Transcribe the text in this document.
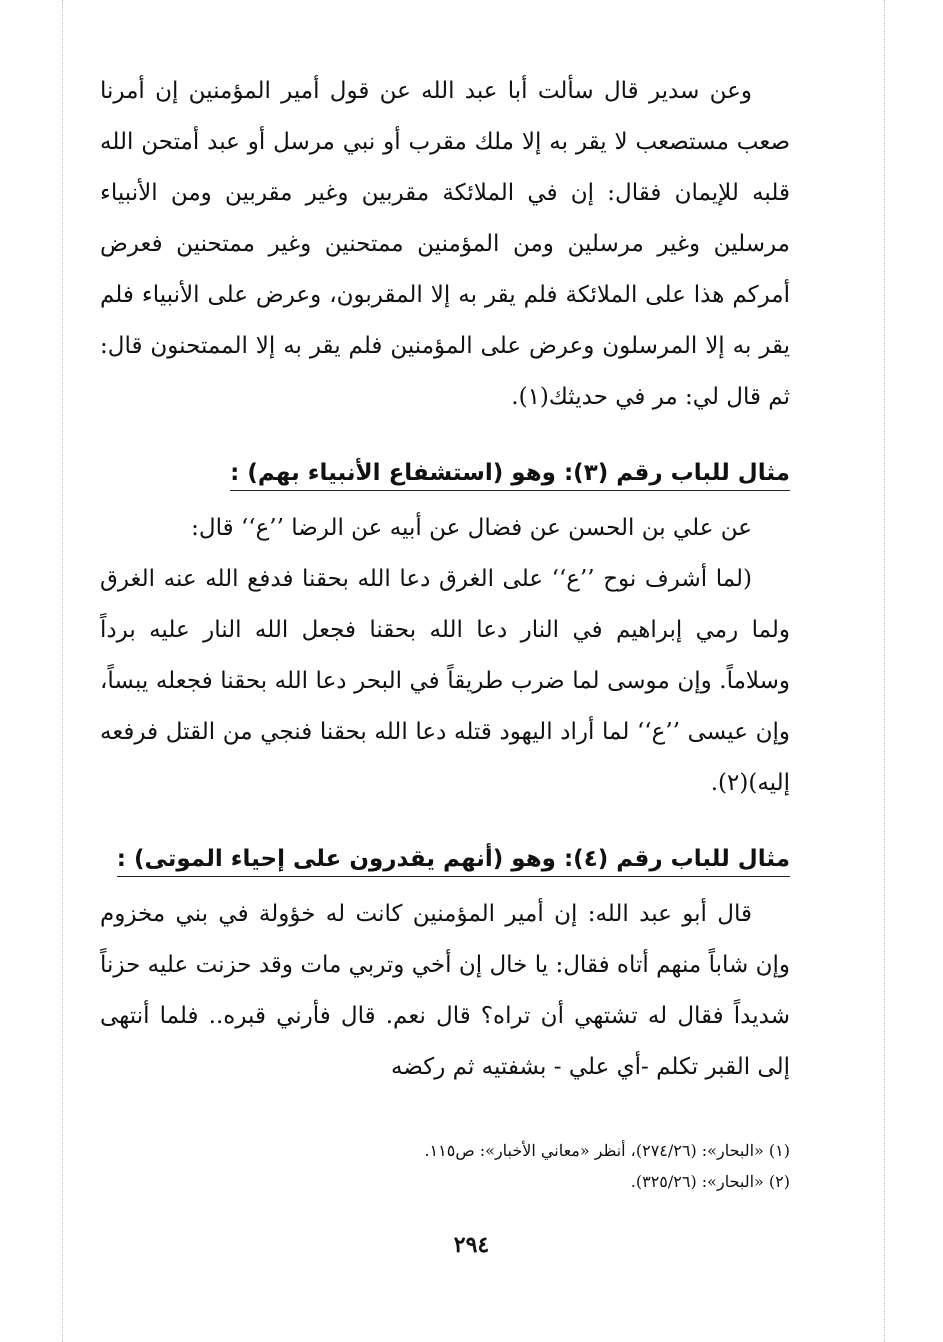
وعن سدير قال سألت أبا عبد الله عن قول أمير المؤمنين إن أمرنا صعب مستصعب لا يقر به إلا ملك مقرب أو نبي مرسل أو عبد أمتحن الله قلبه للإيمان فقال: إن في الملائكة مقربين وغير مقربين ومن الأنبياء مرسلين وغير مرسلين ومن المؤمنين ممتحنين وغير ممتحنين فعرض أمركم هذا على الملائكة فلم يقر به إلا المقربون، وعرض على الأنبياء فلم يقر به إلا المرسلون وعرض على المؤمنين فلم يقر به إلا الممتحنون قال: ثم قال لي: مر في حديثك(١).

مثال للباب رقم (٣): وهو (استشفاع الأنبياء بهم) :

عن علي بن الحسن عن فضال عن أبيه عن الرضا ’’ع‘‘ قال:

(لما أشرف نوح ’’ع‘‘ على الغرق دعا الله بحقنا فدفع الله عنه الغرق ولما رمي إبراهيم في النار دعا الله بحقنا فجعل الله النار عليه برداً وسلاماً. وإن موسى لما ضرب طريقاً في البحر دعا الله بحقنا فجعله يبساً، وإن عيسى ’’ع‘‘ لما أراد اليهود قتله دعا الله بحقنا فنجي من القتل فرفعه إليه)(٢).

مثال للباب رقم (٤): وهو (أنهم يقدرون على إحياء الموتى) :

قال أبو عبد الله: إن أمير المؤمنين كانت له خؤولة في بني مخزوم وإن شاباً منهم أتاه فقال: يا خال إن أخي وتربي مات وقد حزنت عليه حزناً شديداً فقال له تشتهي أن تراه؟ قال نعم. قال فأرني قبره.. فلما أنتهى إلى القبر تكلم -أي علي - بشفتيه ثم ركضه

(١) «البحار»: (٢٧٤/٢٦)، أنظر «معاني الأخبار»: ص١١٥.

(٢) «البحار»: (٣٢٥/٢٦).

٢٩٤
